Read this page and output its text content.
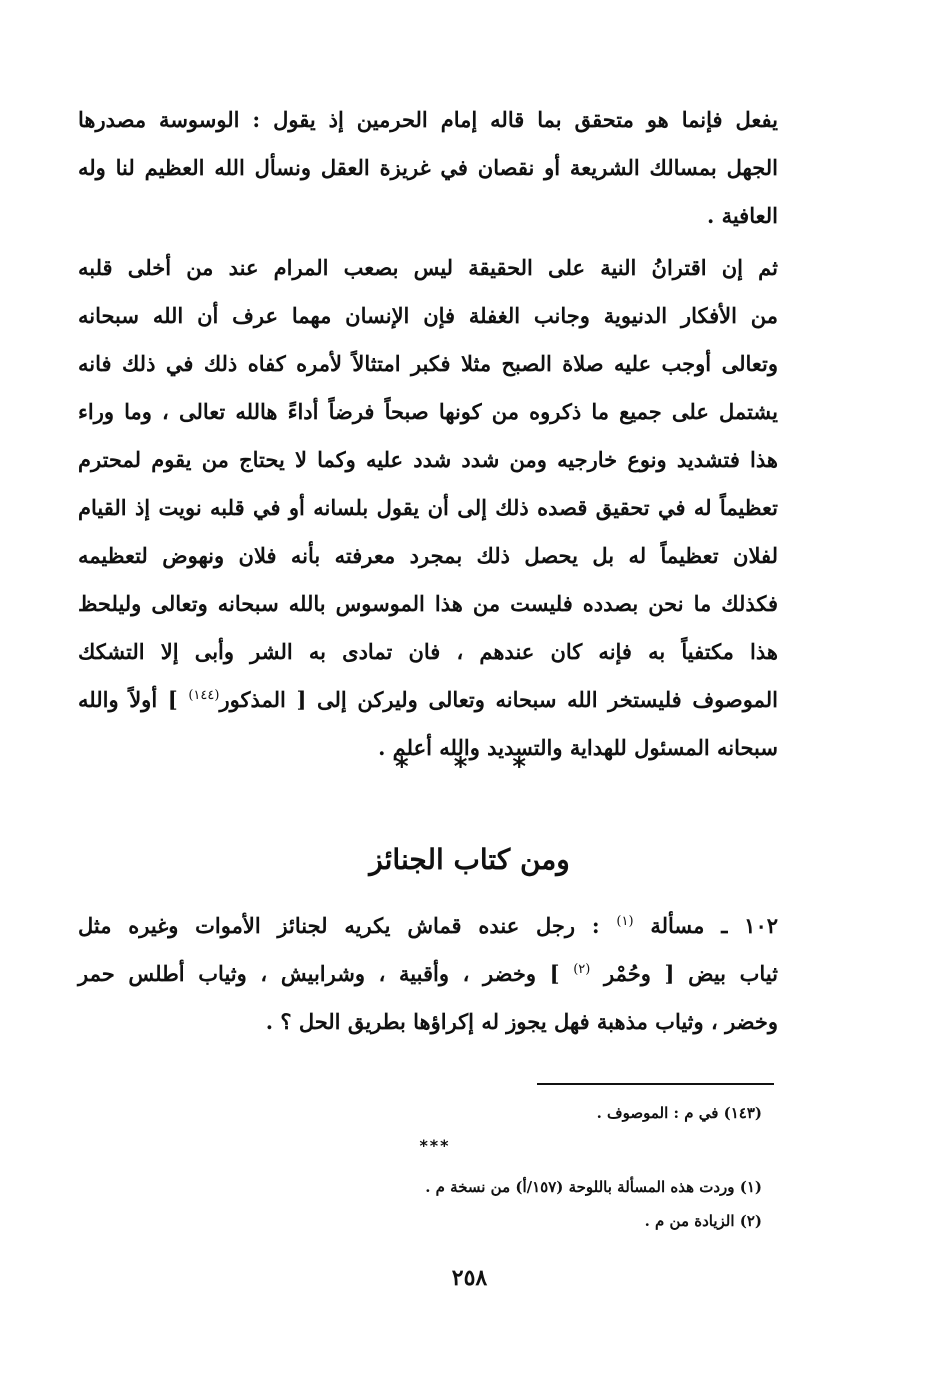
يفعل فإنما هو متحقق بما قاله إمام الحرمين إذ يقول : الوسوسة مصدرها
الجهل بمسالك الشريعة أو نقصان في غريزة العقل ونسأل الله العظيم لنا وله
العافية .
ثم إن اقترانُ النية على الحقيقة ليس بصعب المرام عند من أخلى قلبه
من الأفكار الدنيوية وجانب الغفلة فإن الإنسان مهما عرف أن الله سبحانه
وتعالى أوجب عليه صلاة الصبح مثلا فكبر امتثالاً لأمره كفاه ذلك في ذلك فانه
يشتمل على جميع ما ذكروه من كونها صبحاً فرضاً أداءً هالله تعالى ، وما وراء
هذا فتشديد ونوع خارجيه ومن شدد شدد عليه وكما لا يحتاج من يقوم لمحترم
تعظيماً له في تحقيق قصده ذلك إلى أن يقول بلسانه أو في قلبه نويت إذ القيام
لفلان تعظيماً له بل يحصل ذلك بمجرد معرفته بأنه فلان ونهوض لتعظيمه
فكذلك ما نحن بصدده فليست من هذا الموسوس بالله سبحانه وتعالى وليلحظ
هذا مكتفياً به فإنه كان عندهم ، فان تمادى به الشر وأبى إلا التشكك
الموصوف فليستخر الله سبحانه وتعالى وليركن إلى [ المذكور$^{(١٤٤)}$ ] أولاً والله
سبحانه المسئول للهداية والتسديد والله أعلم .
* * *
ومن كتاب الجنائز
١٠٢ ـ مسألة $^{(١)}$ : رجل عنده قماش يكريه لجنائز الأموات وغيره مثل
ثياب بيض [ وحُمْر $^{(٢)}$ ] وخضر ، وأقبية ، وشرابيش ، وثياب أطلس حمر
وخضر ، وثياب مذهبة فهل يجوز له إكراؤها بطريق الحل ؟ .
(١٤٣) في م : الموصوف .
***
(١) وردت هذه المسألة باللوحة (١٥٧/أ) من نسخة م .
(٢) الزيادة من م .
٢٥٨
